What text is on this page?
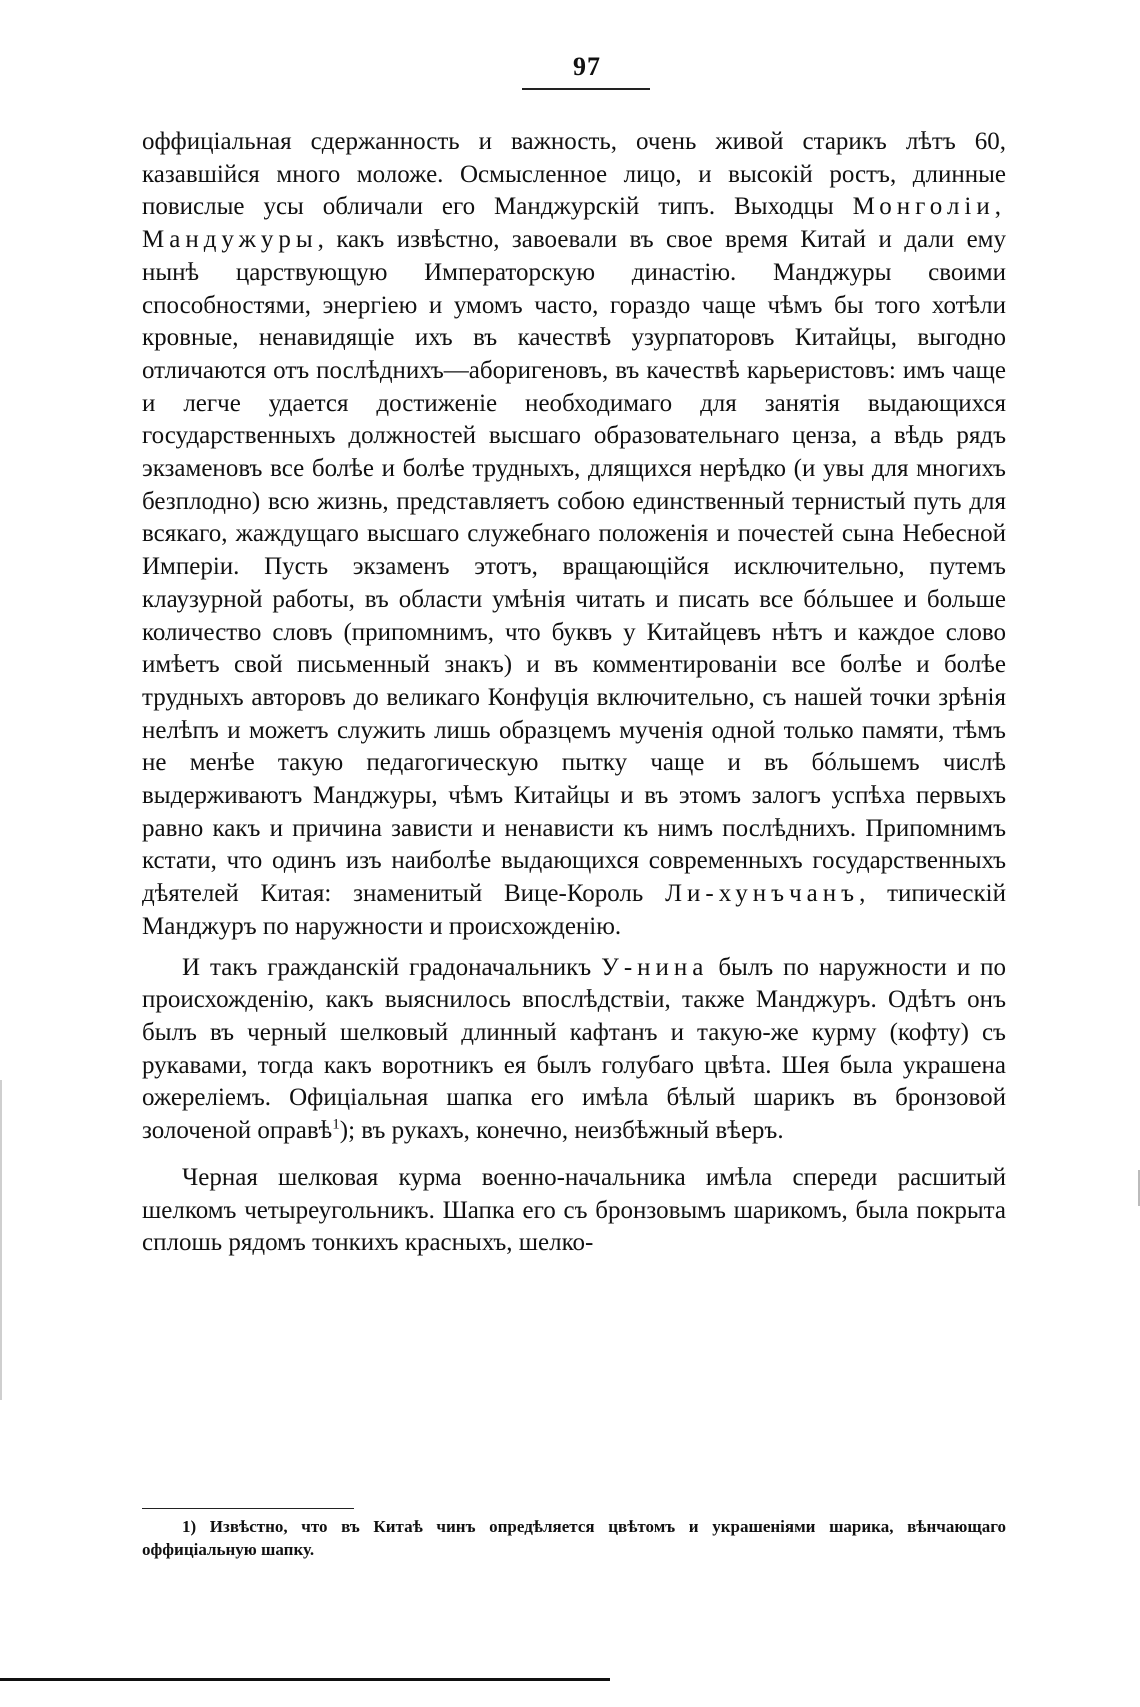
97

оффиціальная сдержанность и важность, очень живой старикъ лѣтъ 60, казавшійся много моложе. Осмысленное лицо, и высокій ростъ, длинные повислые усы обличали его Манджурскій типъ. Выходцы Монголіи, Мандужуры, какъ извѣстно, завоевали въ свое время Китай и дали ему нынѣ царствующую Императорскую династію. Манджуры своими способностями, энергіею и умомъ часто, гораздо чаще чѣмъ бы того хотѣли кровные, ненавидящіе ихъ въ качествѣ узурпаторовъ Китайцы, выгодно отличаются отъ послѣднихъ—аборигеновъ, въ качествѣ карьеристовъ: имъ чаще и легче удается достиженіе необходимаго для занятія выдающихся государственныхъ должностей высшаго образовательнаго ценза, а вѣдь рядъ экзаменовъ все болѣе и болѣе трудныхъ, длящихся нерѣдко (и увы для многихъ безплодно) всю жизнь, представляетъ собою единственный тернистый путь для всякаго, жаждущаго высшаго служебнаго положенія и почестей сына Небесной Имперіи. Пусть экзаменъ этотъ, вращающійся исключительно, путемъ клаузурной работы, въ области умѣнія читать и писать все бóльшее и больше количество словъ (припомнимъ, что буквъ у Китайцевъ нѣтъ и каждое слово имѣетъ свой письменный знакъ) и въ комментированіи все болѣе и болѣе трудныхъ авторовъ до великаго Конфуція включительно, съ нашей точки зрѣнія нелѣпъ и можетъ служить лишь образцемъ мученія одной только памяти, тѣмъ не менѣе такую педагогическую пытку чаще и въ бóльшемъ числѣ выдерживаютъ Манджуры, чѣмъ Китайцы и въ этомъ залогъ успѣха первыхъ равно какъ и причина зависти и ненависти къ нимъ послѣднихъ. Припомнимъ кстати, что одинъ изъ наиболѣе выдающихся современныхъ государственныхъ дѣятелей Китая: знаменитый Вице-Король Ли-хунъчанъ, типическій Манджуръ по наружности и происхожденію.

И такъ гражданскій градоначальникъ У-нина былъ по наружности и по происхожденію, какъ выяснилось впослѣдствіи, также Манджуръ. Одѣтъ онъ былъ въ черный шелковый длинный кафтанъ и такую-же курму (кофту) съ рукавами, тогда какъ воротникъ ея былъ голубаго цвѣта. Шея была украшена ожереліемъ. Офиціальная шапка его имѣла бѣлый шарикъ въ бронзовой золоченой оправѣ$^1$); въ рукахъ, конечно, неизбѣжный вѣеръ.

Черная шелковая курма военно-начальника имѣла спереди расшитый шелкомъ четыреугольникъ. Шапка его съ бронзовымъ шарикомъ, была покрыта сплошь рядомъ тонкихъ красныхъ, шелко-

1) Извѣстно, что въ Китаѣ чинъ опредѣляется цвѣтомъ и украшеніями шарика, вѣнчающаго оффиціальную шапку.
